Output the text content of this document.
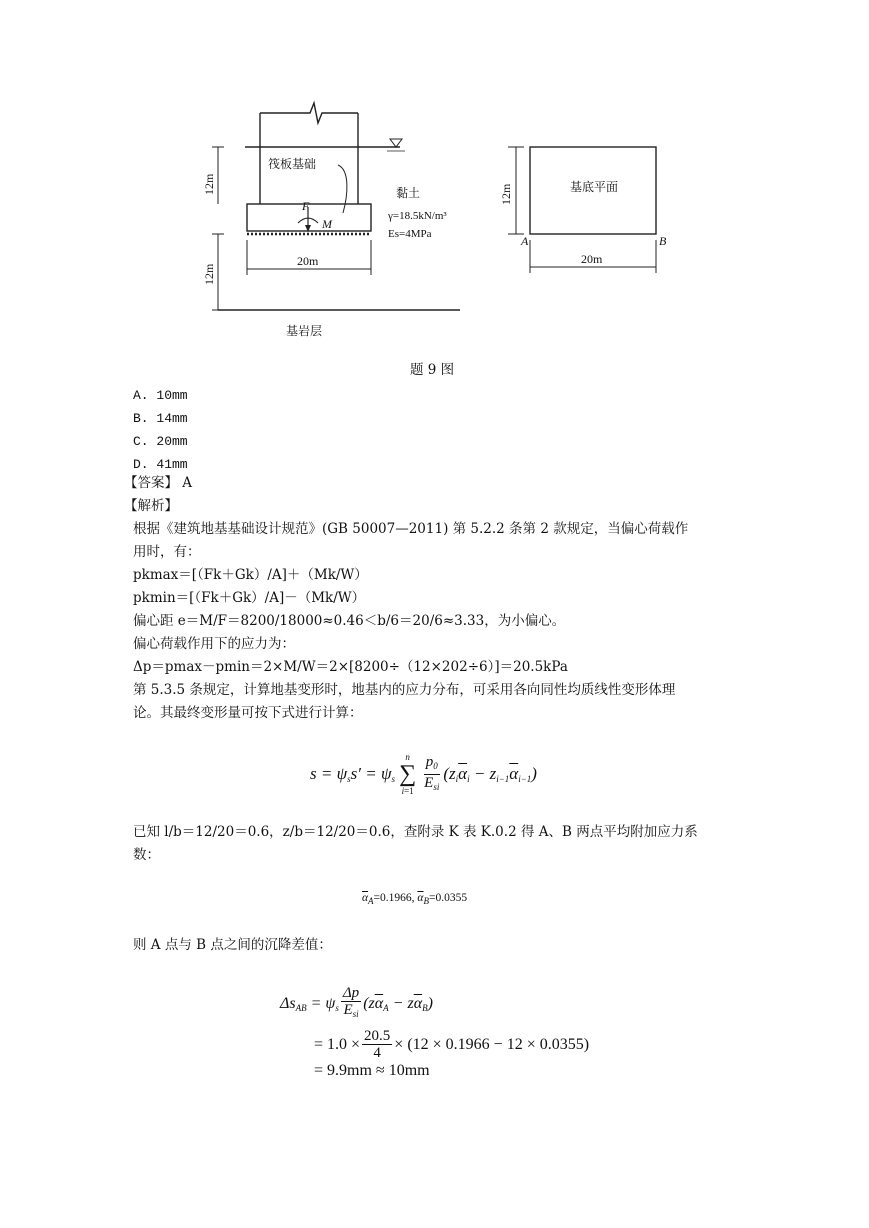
筏板基础
F
M
12m
12m
黏土
γ=18.5kN/m³
Es=4MPa
20m
基岩层
基底平面
12m
A	B
20m
题 9 图
A. 10mm
B. 14mm
C. 20mm
D. 41mm
【答案】 A
【解析】
根据《建筑地基基础设计规范》(GB 50007—2011) 第 5.2.2 条第 2 款规定，当偏心荷载作
用时，有：
pkmax＝[（Fk＋Gk）/A]＋（Mk/W）
pkmin＝[（Fk＋Gk）/A]－（Mk/W）
偏心距 e＝M/F＝8200/18000≈0.46＜b/6＝20/6≈3.33，为小偏心。
偏心荷载作用下的应力为：
Δp＝pmax－pmin＝2×M/W＝2×[8200÷（12×202÷6）]＝20.5kPa
第 5.3.5 条规定，计算地基变形时，地基内的应力分布，可采用各向同性均质线性变形体理
论。其最终变形量可按下式进行计算：
$s = \psi_ss' = \psi_s$
n
∑
$i=1 \frac{p_0}{E_{si}} (z_i\overline{\alpha}_i - z_{i-1}\overline{\alpha}_{i-1})$
已知 l/b＝12/20＝0.6，z/b＝12/20＝0.6，查附录 K 表 K.0.2 得 A、B 两点平均附加应力系
数：
$\overline{\alpha}_A=0.1966$, $\overline{\alpha}_B=0.0355$
则 A 点与 B 点之间的沉降差值：
$\Delta s_{AB} = \psi_s \frac{\Delta p}{E_{si}} (z\overline{\alpha}_A - z\overline{\alpha}_B)$
= $1.0 \times \frac{20.5}{4} \times (12 \times 0.1966 - 12 \times 0.0355)$
= 9.9mm ≈ 10mm
